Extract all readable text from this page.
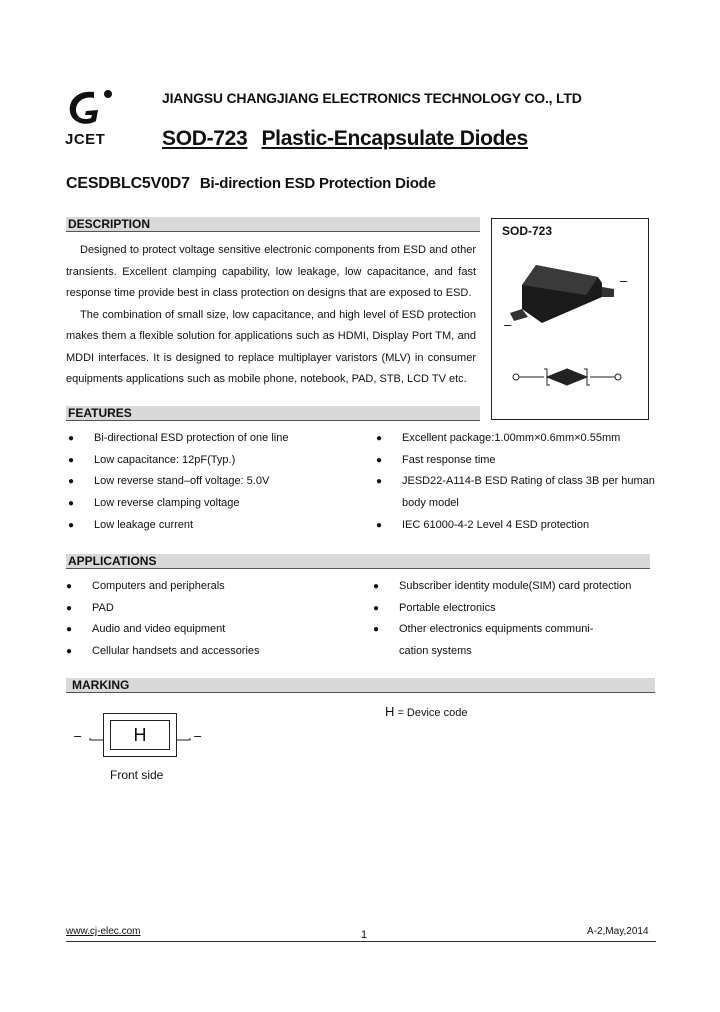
JCET
JIANGSU CHANGJIANG ELECTRONICS TECHNOLOGY CO., LTD
SOD-723 Plastic-Encapsulate Diodes
CESDBLC5V0D7 Bi-direction ESD Protection Diode
DESCRIPTION

Designed to protect voltage sensitive electronic components from ESD and other transients. Excellent clamping capability, low leakage, low capacitance, and fast response time provide best in class protection on designs that are exposed to ESD.

The combination of small size, low capacitance, and high level of ESD protection makes them a flexible solution for applications such as HDMI, Display Port TM, and MDDI interfaces. It is designed to replace multiplayer varistors (MLV) in consumer equipments applications such as mobile phone, notebook, PAD, STB, LCD TV etc.

SOD-723
–
–
FEATURES
● Bi-directional ESD protection of one line
● Low capacitance: 12pF(Typ.)
● Low reverse stand–off voltage: 5.0V
● Low reverse clamping voltage
● Low leakage current
● Excellent package:1.00mm×0.6mm×0.55mm
● Fast response time
● JESD22-A114-B ESD Rating of class 3B per human
body model
● IEC 61000-4-2 Level 4 ESD protection
APPLICATIONS
● Computers and peripherals
● PAD
● Audio and video equipment
● Cellular handsets and accessories
● Subscriber identity module(SIM) card protection
● Portable electronics
● Other electronics equipments communi-
cation systems
MARKING
–	–
H
Front side
H = Device code
www.cj-elec.com	1	A-2,May,2014
